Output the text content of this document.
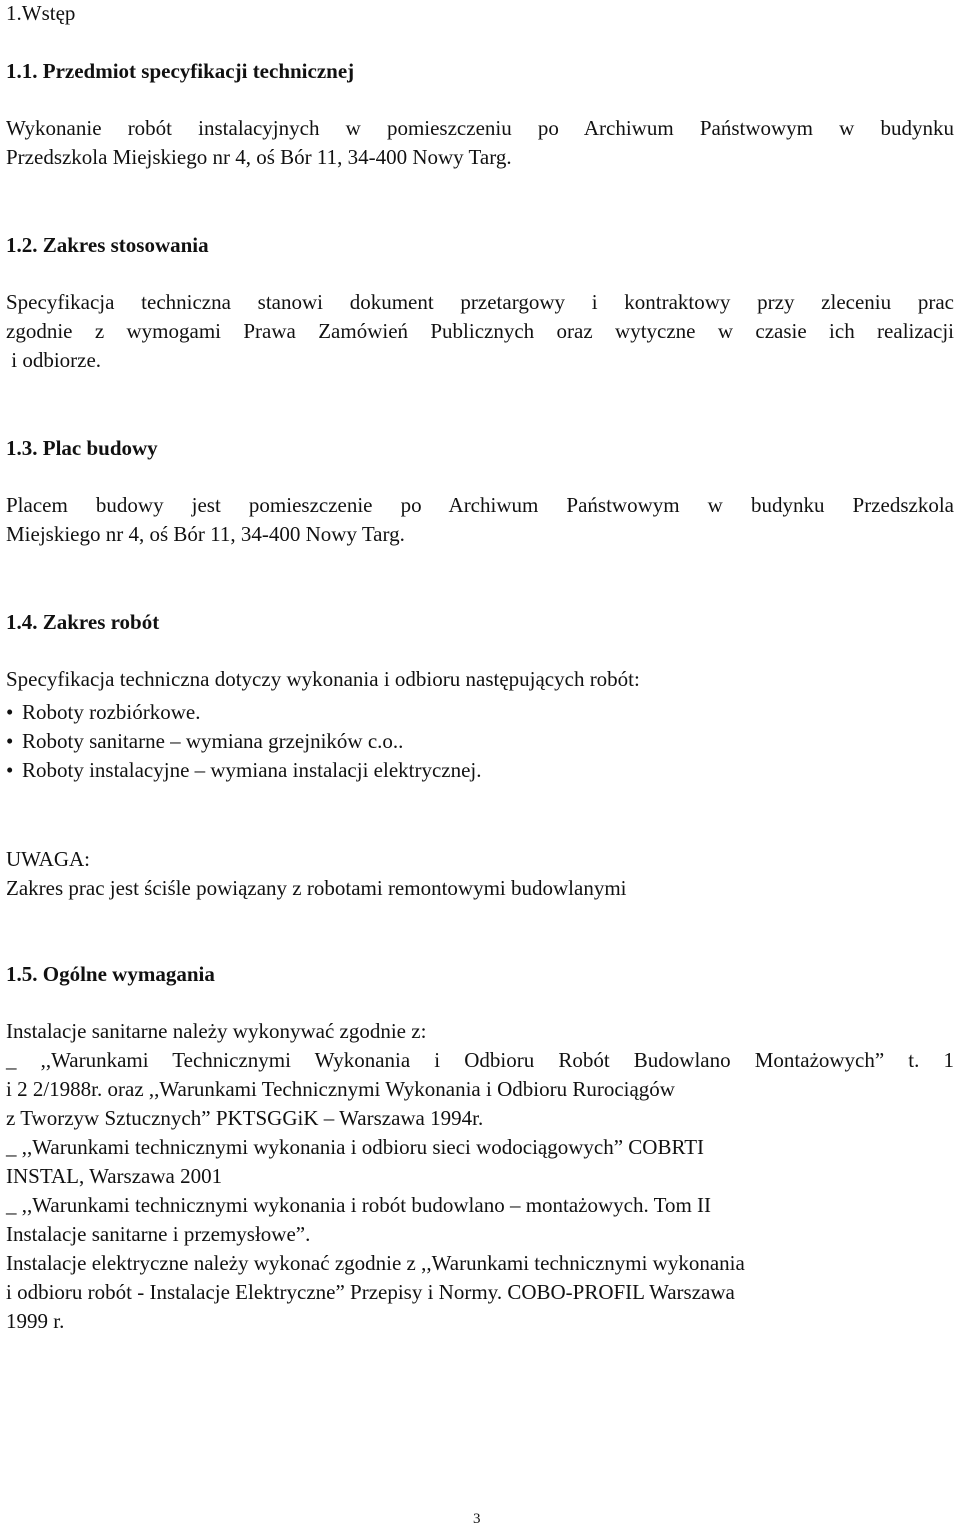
1.Wstęp
1.1. Przedmiot specyfikacji technicznej
Wykonanie robót instalacyjnych w pomieszczeniu po Archiwum Państwowym w budynku
Przedszkola Miejskiego nr 4, oś Bór 11, 34-400 Nowy Targ.
1.2. Zakres stosowania
Specyfikacja techniczna stanowi dokument przetargowy i kontraktowy przy zleceniu prac
zgodnie z wymogami Prawa Zamówień Publicznych oraz wytyczne w czasie ich realizacji
i odbiorze.
1.3. Plac budowy
Placem budowy jest pomieszczenie po Archiwum Państwowym w budynku Przedszkola
Miejskiego nr 4, oś Bór 11, 34-400 Nowy Targ.
1.4. Zakres robót
Specyfikacja techniczna dotyczy wykonania i odbioru następujących robót:
• Roboty rozbiórkowe.
• Roboty sanitarne – wymiana grzejników c.o..
• Roboty instalacyjne – wymiana instalacji elektrycznej.
UWAGA:
Zakres prac jest ściśle powiązany z robotami remontowymi budowlanymi
1.5. Ogólne wymagania
Instalacje sanitarne należy wykonywać zgodnie z:
_ ,,Warunkami Technicznymi Wykonania i Odbioru Robót Budowlano Montażowych” t. 1
i 2 2/1988r. oraz ,,Warunkami Technicznymi Wykonania i Odbioru Rurociągów
z Tworzyw Sztucznych” PKTSGGiK – Warszawa 1994r.
_ ,,Warunkami technicznymi wykonania i odbioru sieci wodociągowych” COBRTI
INSTAL, Warszawa 2001
_ ,,Warunkami technicznymi wykonania i robót budowlano – montażowych. Tom II
Instalacje sanitarne i przemysłowe”.
Instalacje elektryczne należy wykonać zgodnie z ,,Warunkami technicznymi wykonania
i odbioru robót - Instalacje Elektryczne” Przepisy i Normy. COBO-PROFIL Warszawa
1999 r.
3
